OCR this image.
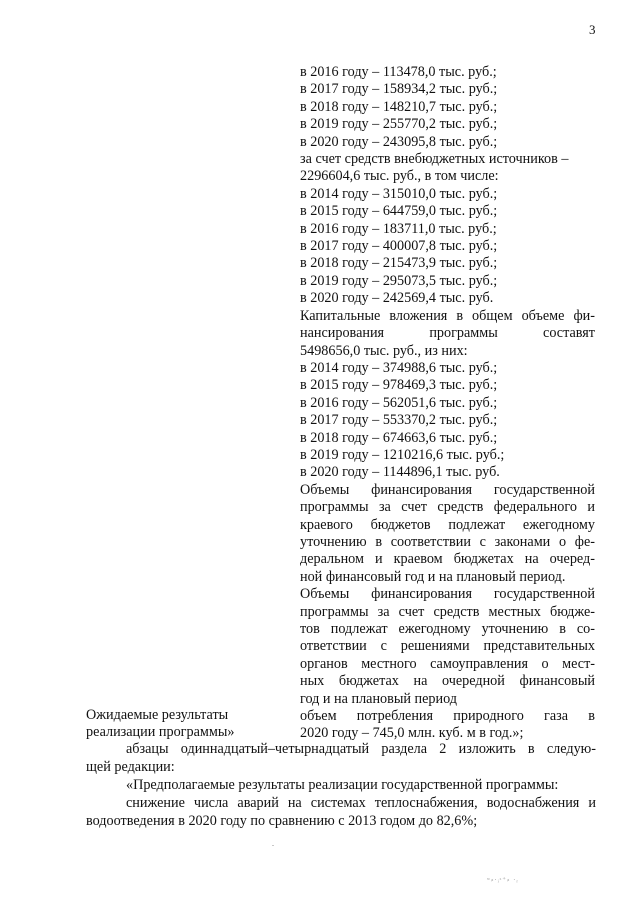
3
в 2016 году – 113478,0 тыс. руб.;
в 2017 году – 158934,2 тыс. руб.;
в 2018 году – 148210,7 тыс. руб.;
в 2019 году – 255770,2 тыс. руб.;
в 2020 году – 243095,8 тыс. руб.;
за счет средств внебюджетных источников –
2296604,6 тыс. руб., в том числе:
в 2014 году – 315010,0 тыс. руб.;
в 2015 году – 644759,0 тыс. руб.;
в 2016 году – 183711,0 тыс. руб.;
в 2017 году – 400007,8 тыс. руб.;
в 2018 году – 215473,9 тыс. руб.;
в 2019 году – 295073,5 тыс. руб.;
в 2020 году – 242569,4 тыс. руб.
Капитальные вложения в общем объеме фи-
нансирования программы составят
5498656,0 тыс. руб., из них:
в 2014 году – 374988,6 тыс. руб.;
в 2015 году – 978469,3 тыс. руб.;
в 2016 году – 562051,6 тыс. руб.;
в 2017 году – 553370,2 тыс. руб.;
в 2018 году – 674663,6 тыс. руб.;
в 2019 году – 1210216,6 тыс. руб.;
в 2020 году – 1144896,1 тыс. руб.
Объемы финансирования государственной
программы за счет средств федерального и
краевого бюджетов подлежат ежегодному
уточнению в соответствии с законами о фе-
деральном и краевом бюджетах на очеред-
ной финансовый год и на плановый период.
Объемы финансирования государственной
программы за счет средств местных бюдже-
тов подлежат ежегодному уточнению в со-
ответствии с решениями представительных
органов местного самоуправления о мест-
ных бюджетах на очередной финансовый
год и на плановый период
объем потребления природного газа в
2020 году – 745,0 млн. куб. м в год.»;
Ожидаемые результаты
реализации программы»
абзацы одиннадцатый–четырнадцатый раздела 2 изложить в следую-
щей редакции:
«Предполагаемые результаты реализации государственной программы:
снижение числа аварий на системах теплоснабжения, водоснабжения и
водоотведения в 2020 году по сравнению с 2013 годом до 82,6%;
ʷ⸗·ᵢˢ⁺⸗ ·ᵣ
